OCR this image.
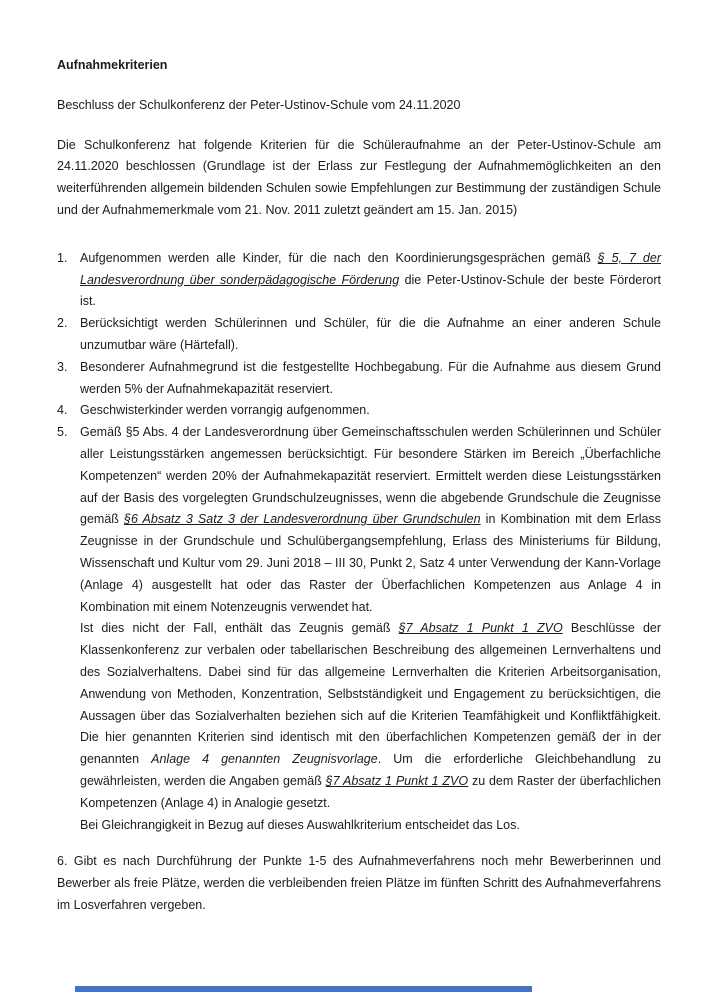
Aufnahmekriterien

Beschluss der Schulkonferenz der Peter-Ustinov-Schule vom 24.11.2020

Die Schulkonferenz hat folgende Kriterien für die Schüleraufnahme an der Peter-Ustinov-Schule am 24.11.2020 beschlossen (Grundlage ist der Erlass zur Festlegung der Aufnahmemöglichkeiten an den weiterführenden allgemein bildenden Schulen sowie Empfehlungen zur Bestimmung der zuständigen Schule und der Aufnahmemerkmale vom 21. Nov. 2011 zuletzt geändert am 15. Jan. 2015)

1.	Aufgenommen werden alle Kinder, für die nach den Koordinierungsgesprächen gemäß § 5, 7 der Landesverordnung über sonderpädagogische Förderung die Peter-Ustinov-Schule der beste Förderort ist.
2.	Berücksichtigt werden Schülerinnen und Schüler, für die die Aufnahme an einer anderen Schule unzumutbar wäre (Härtefall).
3.	Besonderer Aufnahmegrund ist die festgestellte Hochbegabung. Für die Aufnahme aus diesem Grund werden 5% der Aufnahmekapazität reserviert.
4.	Geschwisterkinder werden vorrangig aufgenommen.
5.	Gemäß §5 Abs. 4 der Landesverordnung über Gemeinschaftsschulen werden Schülerinnen und Schüler aller Leistungsstärken angemessen berücksichtigt. Für besondere Stärken im Bereich „Überfachliche Kompetenzen“ werden 20% der Aufnahmekapazität reserviert. Ermittelt werden diese Leistungsstärken auf der Basis des vorgelegten Grundschulzeugnisses, wenn die abgebende Grundschule die Zeugnisse gemäß §6 Absatz 3 Satz 3 der Landesverordnung über Grundschulen in Kombination mit dem Erlass Zeugnisse in der Grundschule und Schulübergangsempfehlung, Erlass des Ministeriums für Bildung, Wissenschaft und Kultur vom 29. Juni 2018 – III 30, Punkt 2, Satz 4 unter Verwendung der Kann-Vorlage (Anlage 4) ausgestellt hat oder das Raster der Überfachlichen Kompetenzen aus Anlage 4 in Kombination mit einem Notenzeugnis verwendet hat.
Ist dies nicht der Fall, enthält das Zeugnis gemäß §7 Absatz 1 Punkt 1 ZVO Beschlüsse der Klassenkonferenz zur verbalen oder tabellarischen Beschreibung des allgemeinen Lernverhaltens und des Sozialverhaltens. Dabei sind für das allgemeine Lernverhalten die Kriterien Arbeitsorganisation, Anwendung von Methoden, Konzentration, Selbstständigkeit und Engagement zu berücksichtigen, die Aussagen über das Sozialverhalten beziehen sich auf die Kriterien Teamfähigkeit und Konfliktfähigkeit. Die hier genannten Kriterien sind identisch mit den überfachlichen Kompetenzen gemäß der in der genannten Anlage 4 genannten Zeugnisvorlage. Um die erforderliche Gleichbehandlung zu gewährleisten, werden die Angaben gemäß §7 Absatz 1 Punkt 1 ZVO zu dem Raster der überfachlichen Kompetenzen (Anlage 4) in Analogie gesetzt.
Bei Gleichrangigkeit in Bezug auf dieses Auswahlkriterium entscheidet das Los.

6. Gibt es nach Durchführung der Punkte 1-5 des Aufnahmeverfahrens noch mehr Bewerberinnen und Bewerber als freie Plätze, werden die verbleibenden freien Plätze im fünften Schritt des Aufnahmeverfahrens im Losverfahren vergeben.
